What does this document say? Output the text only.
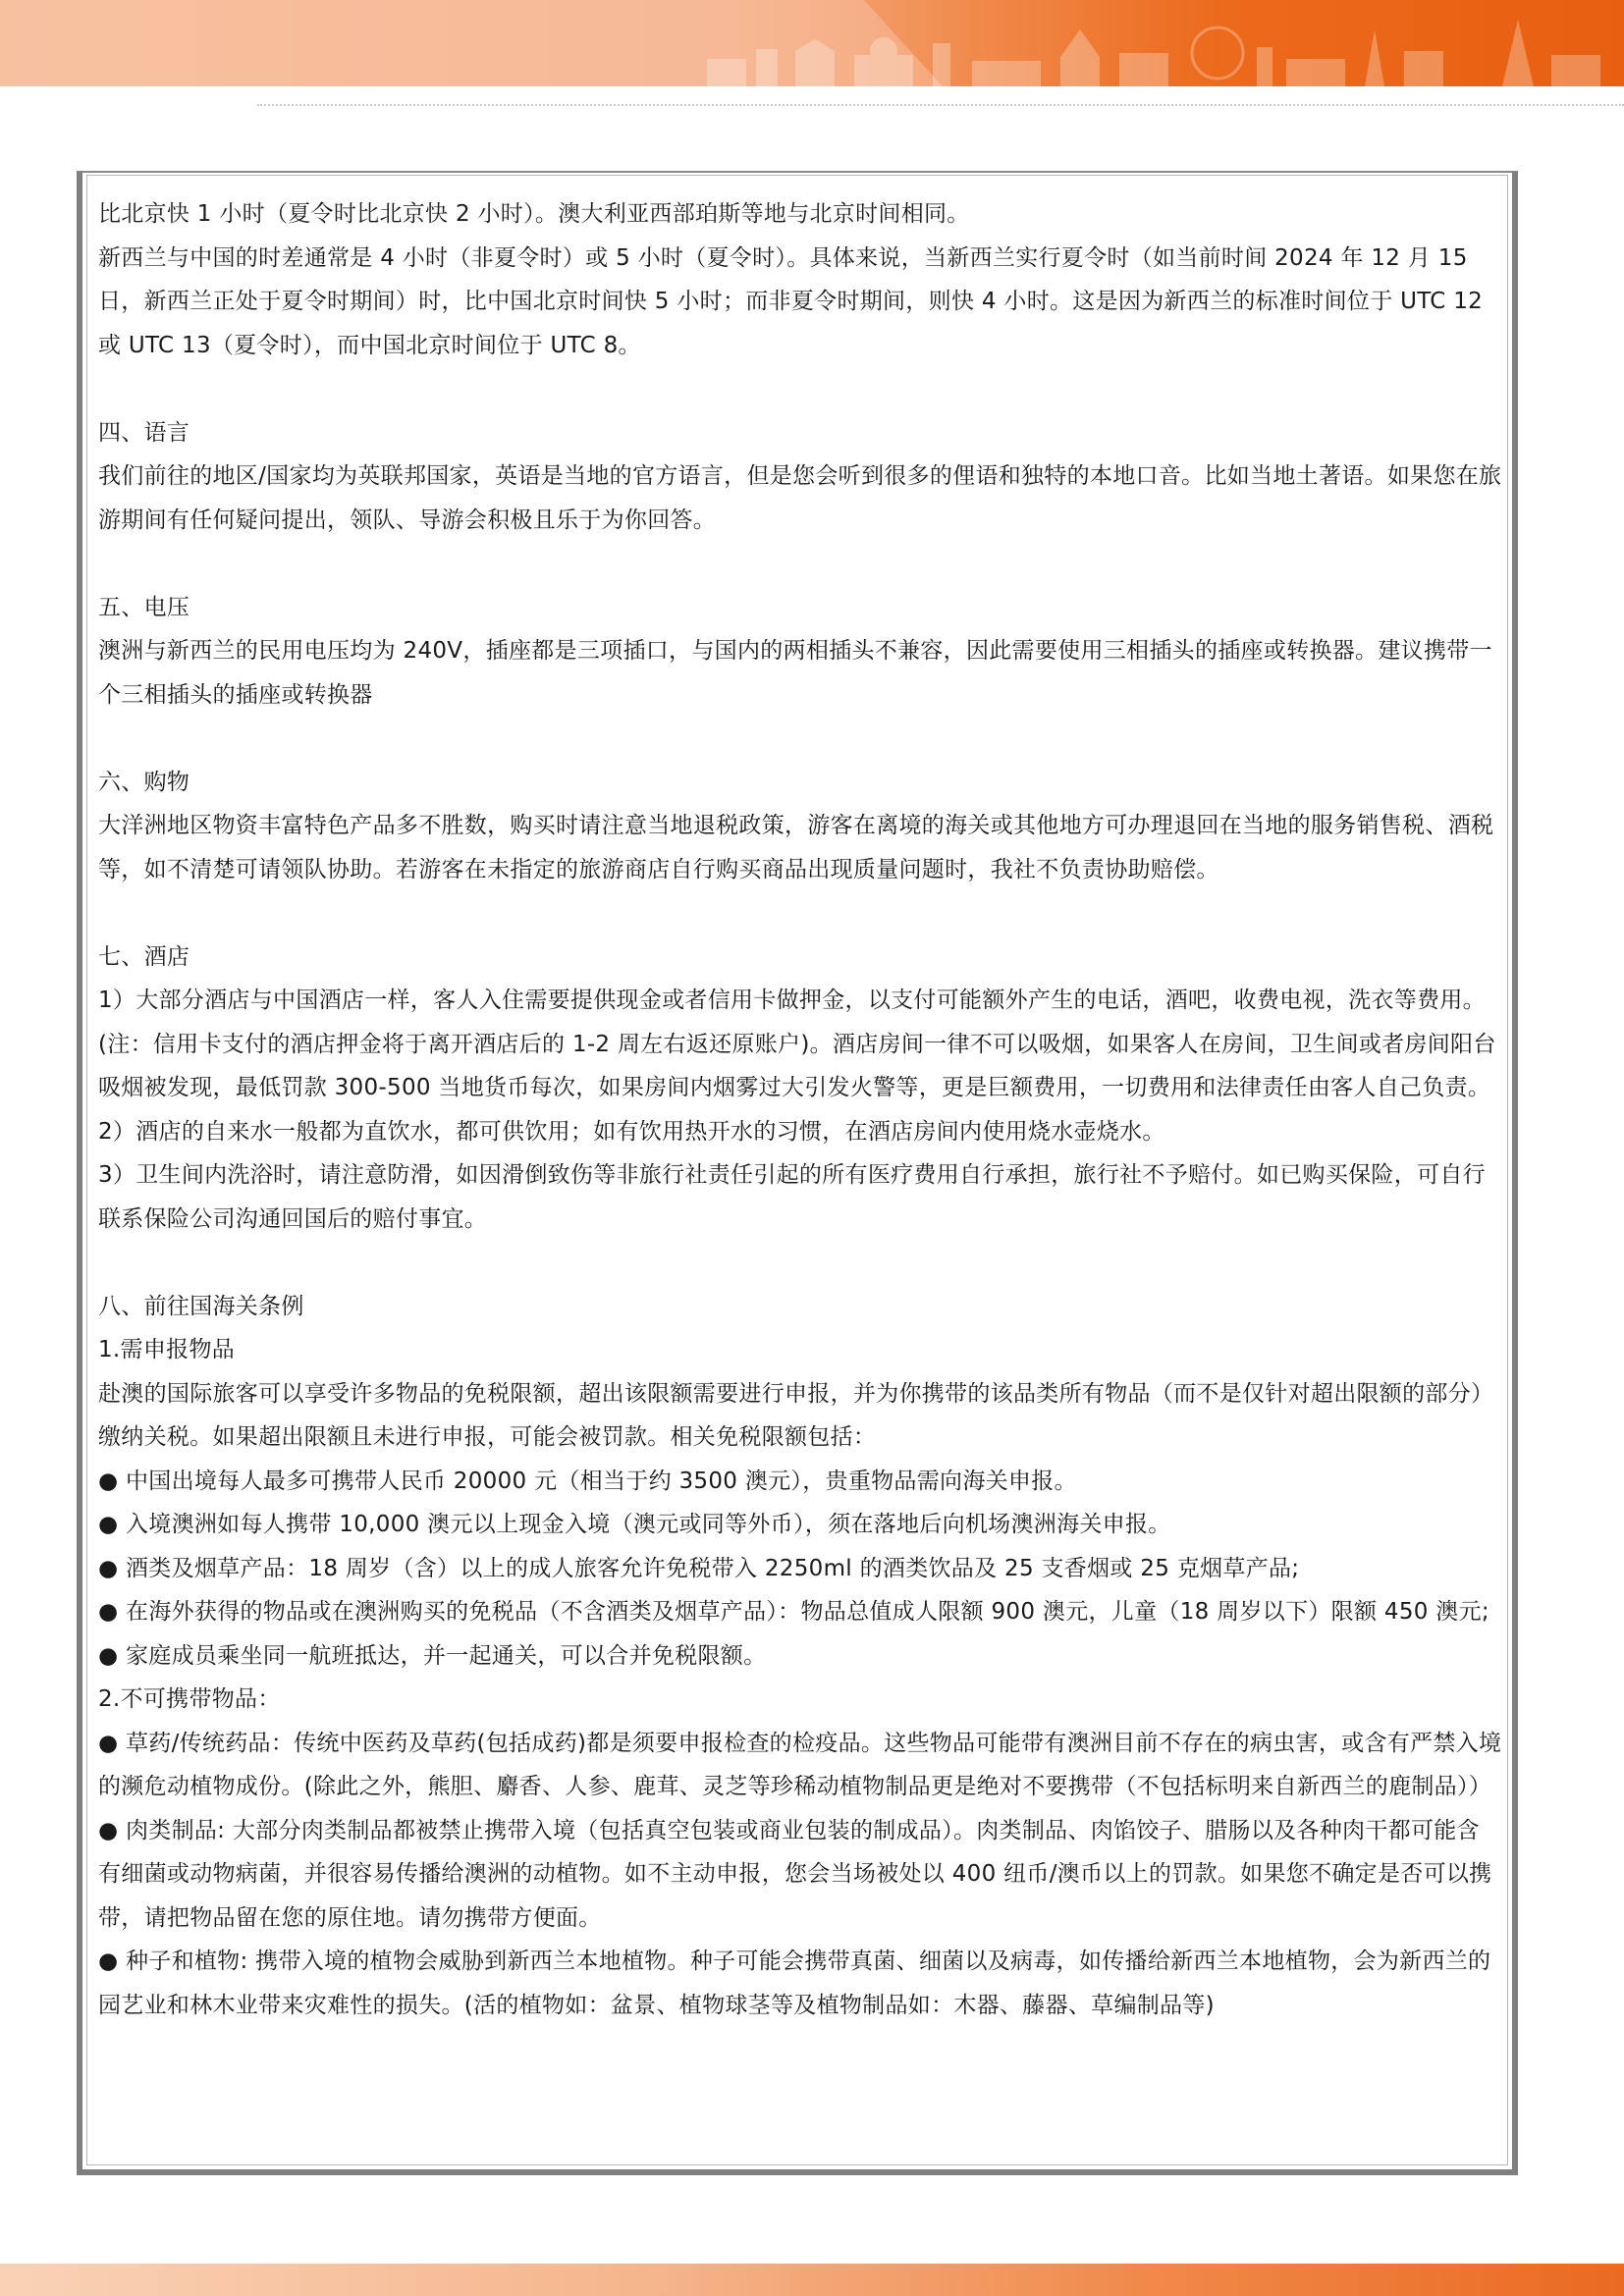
比北京快 1 小时（夏令时比北京快 2 小时）。澳大利亚西部珀斯等地与北京时间相同。

新西兰与中国的时差通常是 4 小时（非夏令时）或 5 小时（夏令时）。具体来说，当新西兰实行夏令时（如当前时间 2024 年 12 月 15 日，新西兰正处于夏令时期间）时，比中国北京时间快 5 小时；而非夏令时期间，则快 4 小时。这是因为新西兰的标准时间位于 UTC 12 或 UTC 13（夏令时），而中国北京时间位于 UTC 8。

四、语言

我们前往的地区/国家均为英联邦国家，英语是当地的官方语言，但是您会听到很多的俚语和独特的本地口音。比如当地土著语。如果您在旅游期间有任何疑问提出，领队、导游会积极且乐于为你回答。

五、电压

澳洲与新西兰的民用电压均为 240V，插座都是三项插口，与国内的两相插头不兼容，因此需要使用三相插头的插座或转换器。建议携带一个三相插头的插座或转换器

六、购物

大洋洲地区物资丰富特色产品多不胜数，购买时请注意当地退税政策，游客在离境的海关或其他地方可办理退回在当地的服务销售税、酒税等，如不清楚可请领队协助。若游客在未指定的旅游商店自行购买商品出现质量问题时，我社不负责协助赔偿。

七、酒店

1）大部分酒店与中国酒店一样，客人入住需要提供现金或者信用卡做押金，以支付可能额外产生的电话，酒吧，收费电视，洗衣等费用。(注：信用卡支付的酒店押金将于离开酒店后的 1-2 周左右返还原账户)。酒店房间一律不可以吸烟，如果客人在房间，卫生间或者房间阳台吸烟被发现，最低罚款 300-500 当地货币每次，如果房间内烟雾过大引发火警等，更是巨额费用，一切费用和法律责任由客人自己负责。

2）酒店的自来水一般都为直饮水，都可供饮用；如有饮用热开水的习惯，在酒店房间内使用烧水壶烧水。

3）卫生间内洗浴时，请注意防滑，如因滑倒致伤等非旅行社责任引起的所有医疗费用自行承担，旅行社不予赔付。如已购买保险，可自行联系保险公司沟通回国后的赔付事宜。

八、前往国海关条例

1.需申报物品

赴澳的国际旅客可以享受许多物品的免税限额，超出该限额需要进行申报，并为你携带的该品类所有物品（而不是仅针对超出限额的部分）缴纳关税。如果超出限额且未进行申报，可能会被罚款。相关免税限额包括：

● 中国出境每人最多可携带人民币 20000 元（相当于约 3500 澳元），贵重物品需向海关申报。

● 入境澳洲如每人携带 10,000 澳元以上现金入境（澳元或同等外币），须在落地后向机场澳洲海关申报。

● 酒类及烟草产品：18 周岁（含）以上的成人旅客允许免税带入 2250ml 的酒类饮品及 25 支香烟或 25 克烟草产品;

● 在海外获得的物品或在澳洲购买的免税品（不含酒类及烟草产品）：物品总值成人限额 900 澳元，儿童（18 周岁以下）限额 450 澳元;

● 家庭成员乘坐同一航班抵达，并一起通关，可以合并免税限额。

2.不可携带物品：

● 草药/传统药品：传统中医药及草药(包括成药)都是须要申报检查的检疫品。这些物品可能带有澳洲目前不存在的病虫害，或含有严禁入境的濒危动植物成份。(除此之外，熊胆、麝香、人参、鹿茸、灵芝等珍稀动植物制品更是绝对不要携带（不包括标明来自新西兰的鹿制品））

● 肉类制品: 大部分肉类制品都被禁止携带入境（包括真空包装或商业包装的制成品）。肉类制品、肉馅饺子、腊肠以及各种肉干都可能含有细菌或动物病菌，并很容易传播给澳洲的动植物。如不主动申报，您会当场被处以 400 纽币/澳币以上的罚款。如果您不确定是否可以携带，请把物品留在您的原住地。请勿携带方便面。

● 种子和植物: 携带入境的植物会威胁到新西兰本地植物。种子可能会携带真菌、细菌以及病毒，如传播给新西兰本地植物，会为新西兰的园艺业和林木业带来灾难性的损失。(活的植物如：盆景、植物球茎等及植物制品如：木器、藤器、草编制品等)
